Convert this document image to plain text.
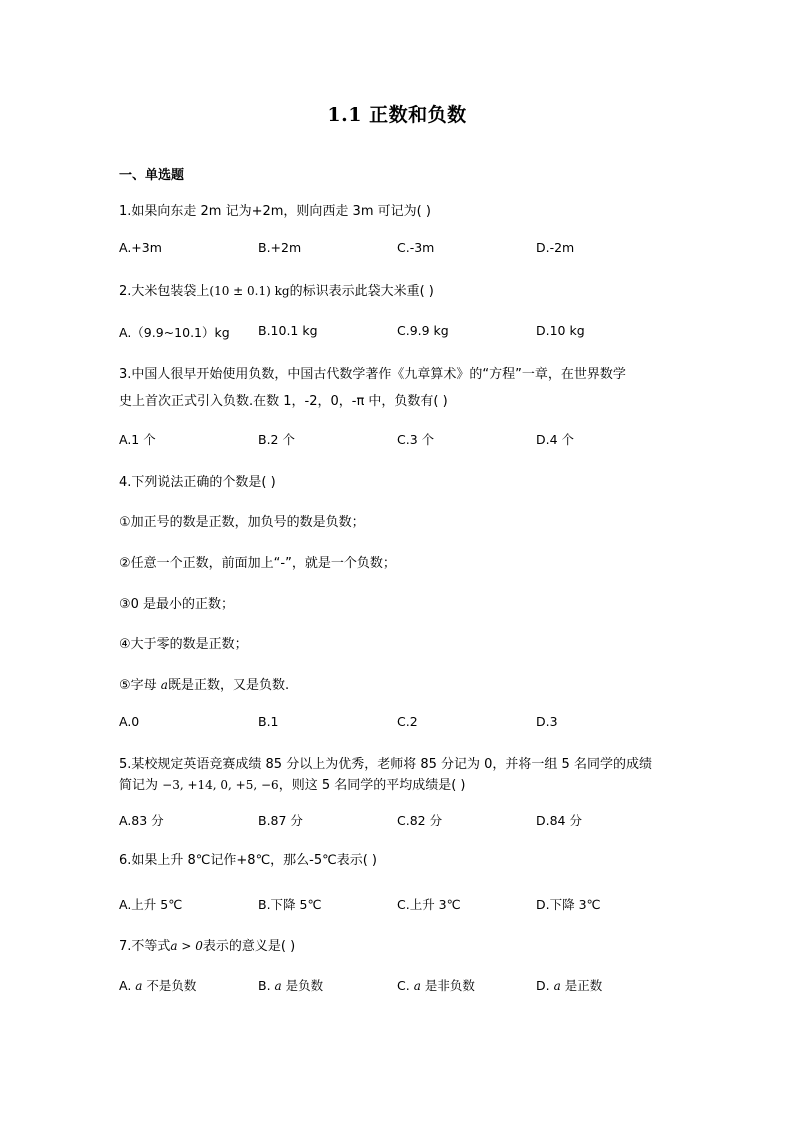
1.1 正数和负数
一、单选题
1.如果向东走 2m 记为+2m，则向西走 3m 可记为( )
A.+3m	B.+2m	C.-3m	D.-2m
2.大米包装袋上(10 ± 0.1) kg的标识表示此袋大米重( )
A.（9.9~10.1）kg B.10.1 kg	C.9.9 kg	D.10 kg
3.中国人很早开始使用负数，中国古代数学著作《九章算术》的“方程”一章，在世界数学
史上首次正式引入负数.在数 1，-2，0，-π 中，负数有( )
A.1 个	B.2 个	C.3 个	D.4 个
4.下列说法正确的个数是( )
①加正号的数是正数，加负号的数是负数；
②任意一个正数，前面加上“-”，就是一个负数；
③0 是最小的正数；
④大于零的数是正数；
⑤字母 a既是正数，又是负数.
A.0	B.1	C.2	D.3
5.某校规定英语竞赛成绩 85 分以上为优秀，老师将 85 分记为 0，并将一组 5 名同学的成绩
简记为 −3, +14, 0, +5, −6，则这 5 名同学的平均成绩是( )
A.83 分	B.87 分	C.82 分	D.84 分
6.如果上升 8℃记作+8℃，那么-5℃表示( )
A.上升 5℃	B.下降 5℃	C.上升 3℃	D.下降 3℃
7.不等式a > 0表示的意义是( )
A. a 不是负数	B. a 是负数	C. a 是非负数	D. a 是正数
